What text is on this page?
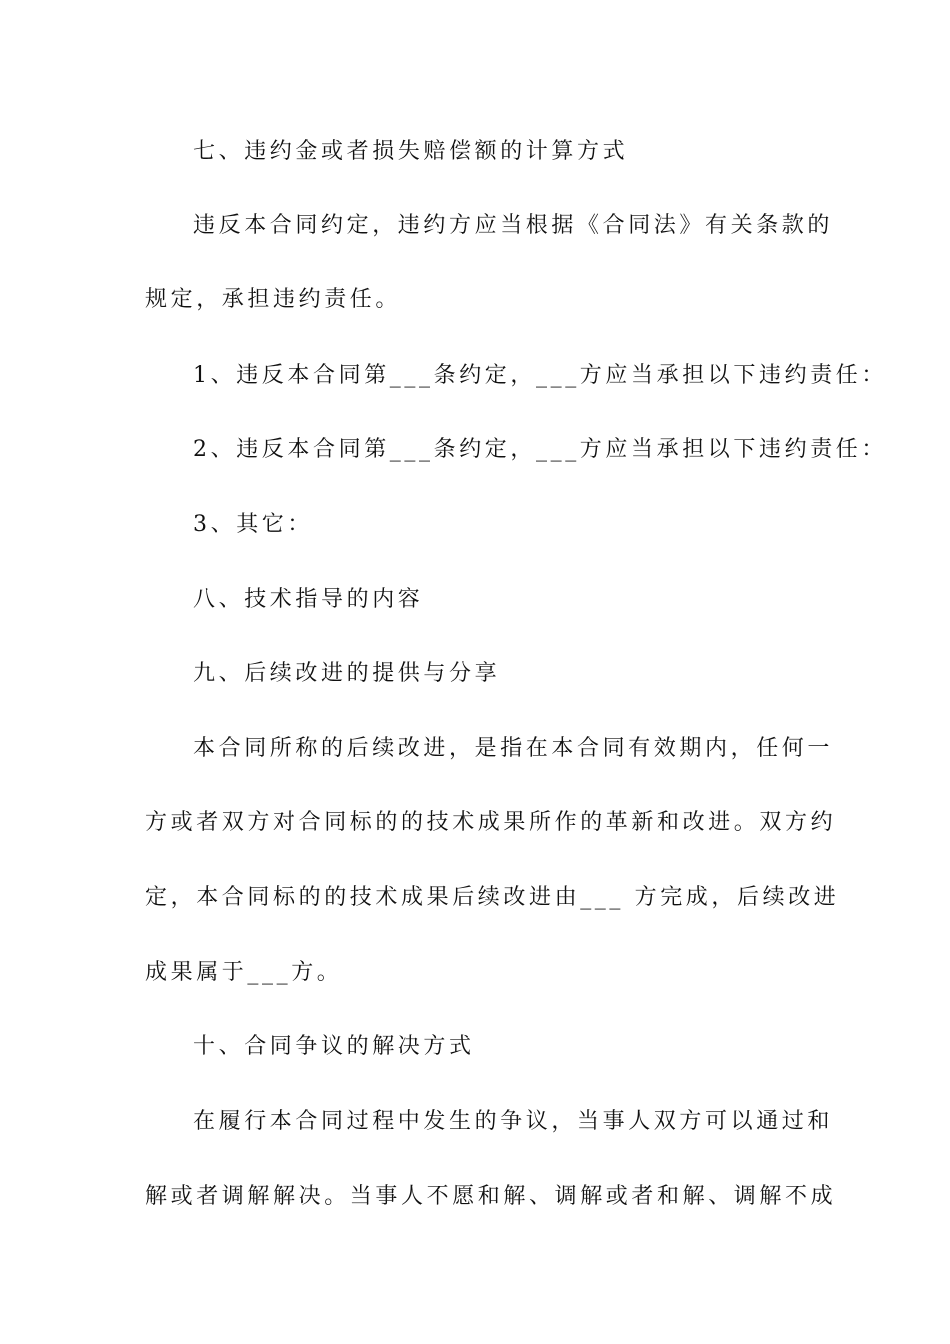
七、违约金或者损失赔偿额的计算方式
违反本合同约定，违约方应当根据《合同法》有关条款的
规定，承担违约责任。
1、违反本合同第___条约定，___方应当承担以下违约责任：
2、违反本合同第___条约定，___方应当承担以下违约责任：
3、其它：
八、技术指导的内容
九、后续改进的提供与分享
本合同所称的后续改进，是指在本合同有效期内，任何一
方或者双方对合同标的的技术成果所作的革新和改进。双方约
定，本合同标的的技术成果后续改进由___ 方完成，后续改进
成果属于___方。
十、合同争议的解决方式
在履行本合同过程中发生的争议，当事人双方可以通过和
解或者调解解决。当事人不愿和解、调解或者和解、调解不成
